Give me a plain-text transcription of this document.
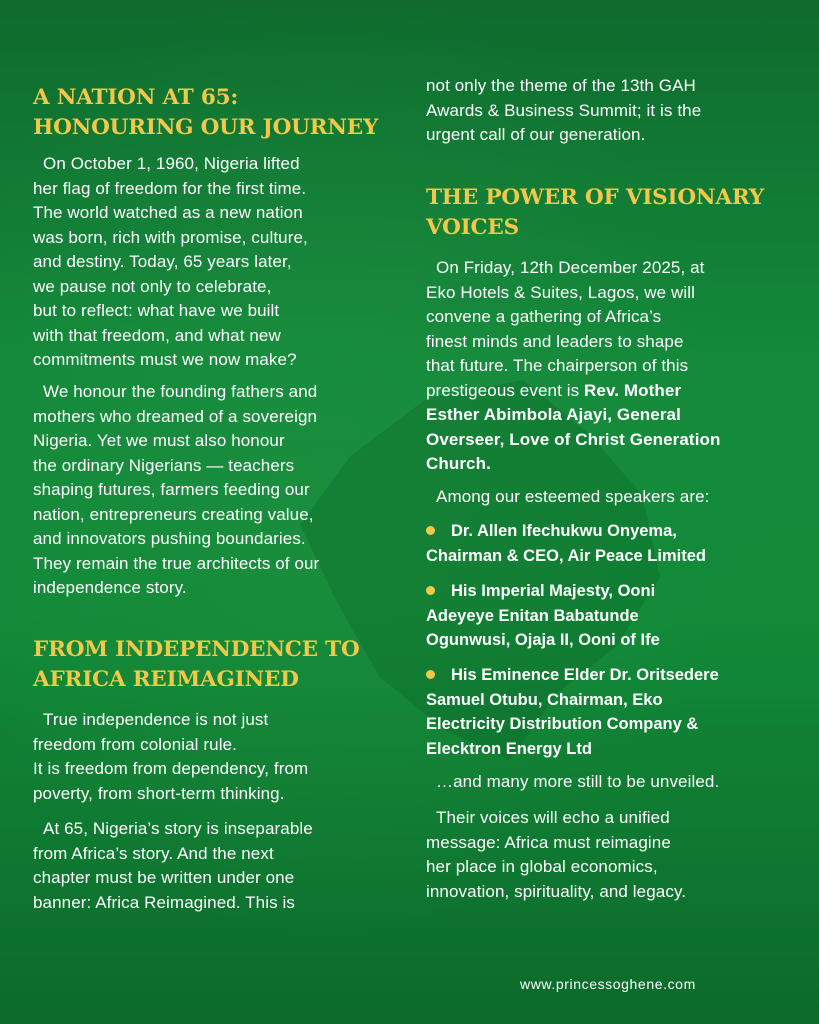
A NATION AT 65:
HONOURING OUR JOURNEY
On October 1, 1960, Nigeria lifted
her flag of freedom for the first time.
The world watched as a new nation
was born, rich with promise, culture,
and destiny. Today, 65 years later,
we pause not only to celebrate,
but to reflect: what have we built
with that freedom, and what new
commitments must we now make?
We honour the founding fathers and
mothers who dreamed of a sovereign
Nigeria. Yet we must also honour
the ordinary Nigerians — teachers
shaping futures, farmers feeding our
nation, entrepreneurs creating value,
and innovators pushing boundaries.
They remain the true architects of our
independence story.
FROM INDEPENDENCE TO
AFRICA REIMAGINED
True independence is not just
freedom from colonial rule.
It is freedom from dependency, from
poverty, from short-term thinking.
At 65, Nigeria’s story is inseparable
from Africa’s story. And the next
chapter must be written under one
banner: Africa Reimagined. This is
not only the theme of the 13th GAH
Awards & Business Summit; it is the
urgent call of our generation.
THE POWER OF VISIONARY
VOICES
On Friday, 12th December 2025, at
Eko Hotels & Suites, Lagos, we will
convene a gathering of Africa’s
finest minds and leaders to shape
that future. The chairperson of this
prestigeous event is Rev. Mother
Esther Abimbola Ajayi, General
Overseer, Love of Christ Generation
Church.
Among our esteemed speakers are:
Dr. Allen Ifechukwu Onyema,
Chairman & CEO, Air Peace Limited
His Imperial Majesty, Ooni
Adeyeye Enitan Babatunde
Ogunwusi, Ojaja II, Ooni of Ife
His Eminence Elder Dr. Oritsedere
Samuel Otubu, Chairman, Eko
Electricity Distribution Company &
Elecktron Energy Ltd
…and many more still to be unveiled.
Their voices will echo a unified
message: Africa must reimagine
her place in global economics,
innovation, spirituality, and legacy.
www.princessoghene.com
